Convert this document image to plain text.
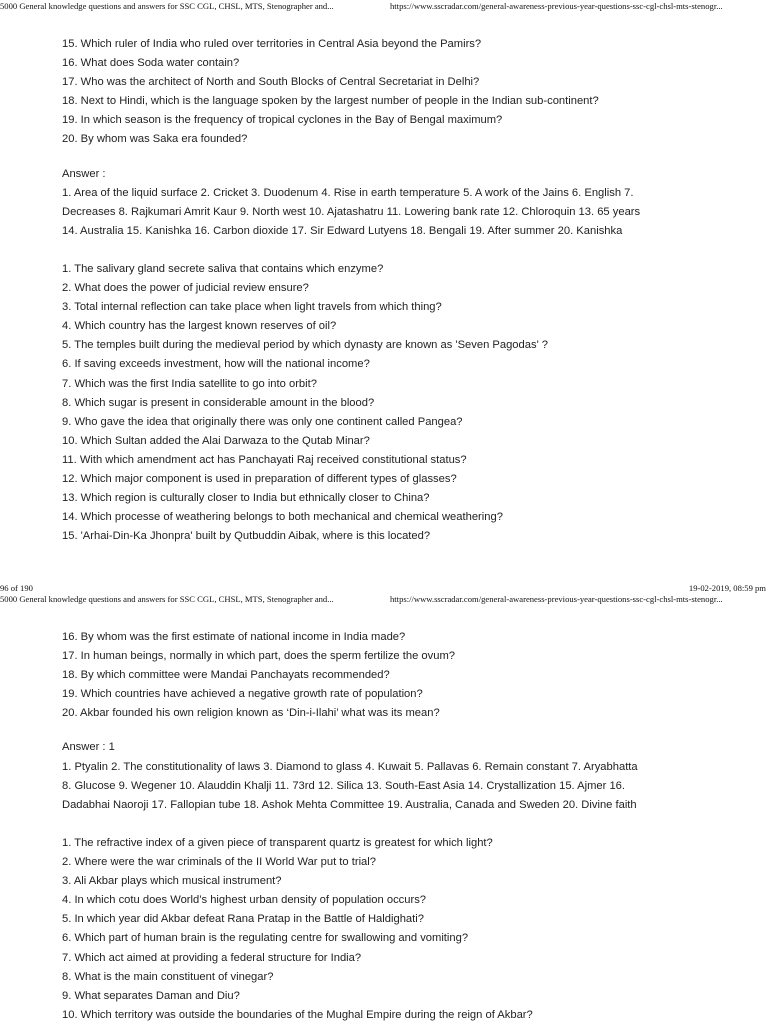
5000 General knowledge questions and answers for SSC CGL, CHSL, MTS, Stenographer and...	https://www.sscradar.com/general-awareness-previous-year-questions-ssc-cgl-chsl-mts-stenogr...
15. Which ruler of India who ruled over territories in Central Asia beyond the Pamirs?
16. What does Soda water contain?
17. Who was the architect of North and South Blocks of Central Secretariat in Delhi?
18. Next to Hindi, which is the language spoken by the largest number of people in the Indian sub-continent?
19. In which season is the frequency of tropical cyclones in the Bay of Bengal maximum?
20. By whom was Saka era founded?
Answer :
1. Area of the liquid surface 2. Cricket 3. Duodenum 4. Rise in earth temperature 5. A work of the Jains 6. English 7.
Decreases 8. Rajkumari Amrit Kaur 9. North west 10. Ajatashatru 11. Lowering bank rate 12. Chloroquin 13. 65 years
14. Australia 15. Kanishka 16. Carbon dioxide 17. Sir Edward Lutyens 18. Bengali 19. After summer 20. Kanishka
1. The salivary gland secrete saliva that contains which enzyme?
2. What does the power of judicial review ensure?
3. Total internal reflection can take place when light travels from which thing?
4. Which country has the largest known reserves of oil?
5. The temples built during the medieval period by which dynasty are known as 'Seven Pagodas' ?
6. If saving exceeds investment, how will the national income?
7. Which was the first India satellite to go into orbit?
8. Which sugar is present in considerable amount in the blood?
9. Who gave the idea that originally there was only one continent called Pangea?
10. Which Sultan added the Alai Darwaza to the Qutab Minar?
11. With which amendment act has Panchayati Raj received constitutional status?
12. Which major component is used in preparation of different types of glasses?
13. Which region is culturally closer to India but ethnically closer to China?
14. Which processe of weathering belongs to both mechanical and chemical weathering?
15. 'Arhai-Din-Ka Jhonpra' built by Qutbuddin Aibak, where is this located?
96 of 190	19-02-2019, 08:59 pm
5000 General knowledge questions and answers for SSC CGL, CHSL, MTS, Stenographer and...	https://www.sscradar.com/general-awareness-previous-year-questions-ssc-cgl-chsl-mts-stenogr...
16. By whom was the first estimate of national income in India made?
17. In human beings, normally in which part, does the sperm fertilize the ovum?
18. By which committee were Mandai Panchayats recommended?
19. Which countries have achieved a negative growth rate of population?
20. Akbar founded his own religion known as ‘Din-i-Ilahi’ what was its mean?
Answer : 1
1. Ptyalin 2. The constitutionality of laws 3. Diamond to glass 4. Kuwait 5. Pallavas 6. Remain constant 7. Aryabhatta
8. Glucose 9. Wegener 10. Alauddin Khalji 11. 73rd 12. Silica 13. South-East Asia 14. Crystallization 15. Ajmer 16.
Dadabhai Naoroji 17. Fallopian tube 18. Ashok Mehta Committee 19. Australia, Canada and Sweden 20. Divine faith
1. The refractive index of a given piece of transparent quartz is greatest for which light?
2. Where were the war criminals of the II World War put to trial?
3. Ali Akbar plays which musical instrument?
4. In which cotu does World’s highest urban density of population occurs?
5. In which year did Akbar defeat Rana Pratap in the Battle of Haldighati?
6. Which part of human brain is the regulating centre for swallowing and vomiting?
7. Which act aimed at providing a federal structure for India?
8. What is the main constituent of vinegar?
9. What separates Daman and Diu?
10. Which territory was outside the boundaries of the Mughal Empire during the reign of Akbar?
